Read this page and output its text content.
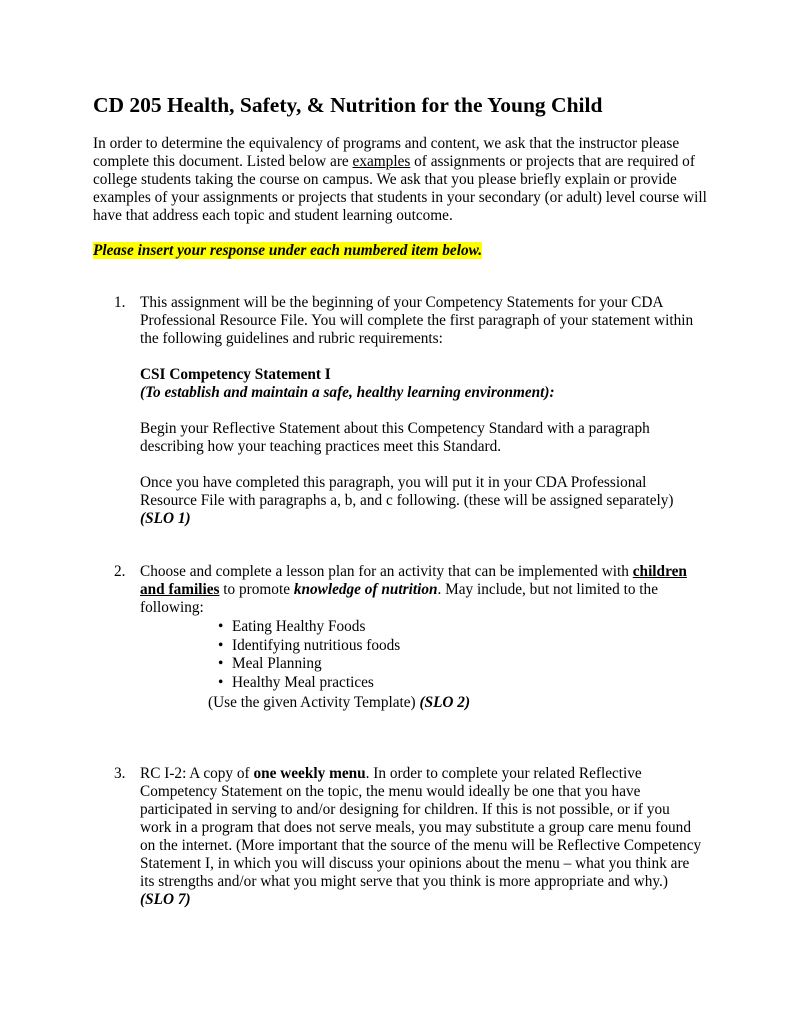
CD 205 Health, Safety, & Nutrition for the Young Child

In order to determine the equivalency of programs and content, we ask that the instructor please complete this document. Listed below are examples of assignments or projects that are required of college students taking the course on campus. We ask that you please briefly explain or provide examples of your assignments or projects that students in your secondary (or adult) level course will have that address each topic and student learning outcome.

Please insert your response under each numbered item below.
1. This assignment will be the beginning of your Competency Statements for your CDA Professional Resource File. You will complete the first paragraph of your statement within the following guidelines and rubric requirements:

CSI Competency Statement I

(To establish and maintain a safe, healthy learning environment):

Begin your Reflective Statement about this Competency Standard with a paragraph describing how your teaching practices meet this Standard.

Once you have completed this paragraph, you will put it in your CDA Professional Resource File with paragraphs a, b, and c following. (these will be assigned separately) (SLO 1)

2. Choose and complete a lesson plan for an activity that can be implemented with children and families to promote knowledge of nutrition. May include, but not limited to the following:

• Eating Healthy Foods
• Identifying nutritious foods
• Meal Planning
• Healthy Meal practices
(Use the given Activity Template) (SLO 2)
3. RC I-2: A copy of one weekly menu. In order to complete your related Reflective Competency Statement on the topic, the menu would ideally be one that you have participated in serving to and/or designing for children. If this is not possible, or if you work in a program that does not serve meals, you may substitute a group care menu found on the internet. (More important that the source of the menu will be Reflective Competency Statement I, in which you will discuss your opinions about the menu – what you think are its strengths and/or what you might serve that you think is more appropriate and why.) (SLO 7)
